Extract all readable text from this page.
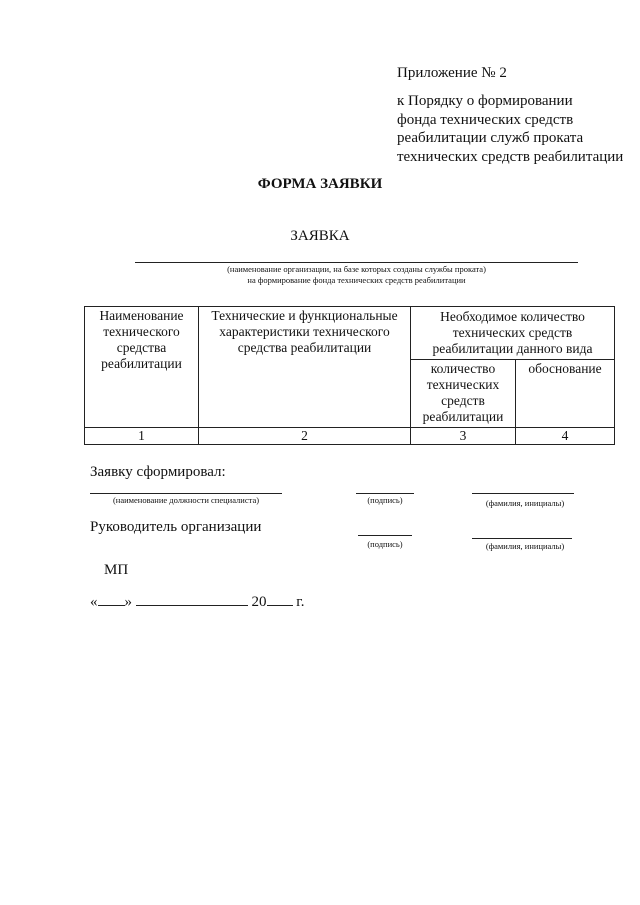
Приложение № 2
к Порядку о формировании
фонда технических средств
реабилитации служб проката
технических средств реабилитации
ФОРМА ЗАЯВКИ
ЗАЯВКА
(наименование организации, на базе которых созданы службы проката)
на формирование фонда технических средств реабилитации
Наименование технического средства реабилитации	Технические и функциональные характеристики технического средства реабилитации	Необходимое количество технических средств реабилитации данного вида	
		количество технических средств реабилитации	обоснование
1	2	3	4
Заявку сформировал:
(наименование должности специалиста)	(подпись)	(фамилия, инициалы)
Руководитель организации
(подпись)	(фамилия, инициалы)
МП
« »	20 г.
